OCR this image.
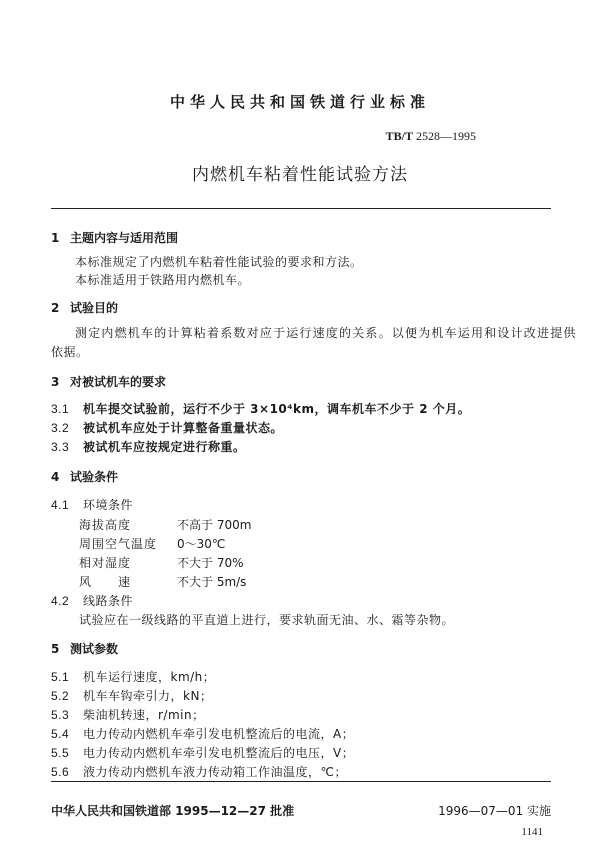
中华人民共和国铁道行业标准
TB/T 2528—1995
内燃机车粘着性能试验方法
1 主题内容与适用范围
本标准规定了内燃机车粘着性能试验的要求和方法。
本标准适用于铁路用内燃机车。
2 试验目的
测定内燃机车的计算粘着系数对应于运行速度的关系。以便为机车运用和设计改进提供
依据。
3 对被试机车的要求
3.1 机车提交试验前，运行不少于 3×10⁴km，调车机车不少于 2 个月。
3.2 被试机车应处于计算整备重量状态。
3.3 被试机车应按规定进行称重。
4 试验条件
4.1 环境条件
海拔高度	不高于 700m
周围空气温度 0～30℃
相对湿度	不大于 70%
风　　速	不大于 5m/s
4.2 线路条件
试验应在一级线路的平直道上进行，要求轨面无油、水、霜等杂物。
5 测试参数
5.1 机车运行速度，km/h；
5.2 机车车钩牵引力，kN；
5.3 柴油机转速，r/min；
5.4 电力传动内燃机车牵引发电机整流后的电流，A；
5.5 电力传动内燃机车牵引发电机整流后的电压，V；
5.6 液力传动内燃机车液力传动箱工作油温度，℃；
中华人民共和国铁道部 1995—12—27 批准	1996—07—01 实施
1141
